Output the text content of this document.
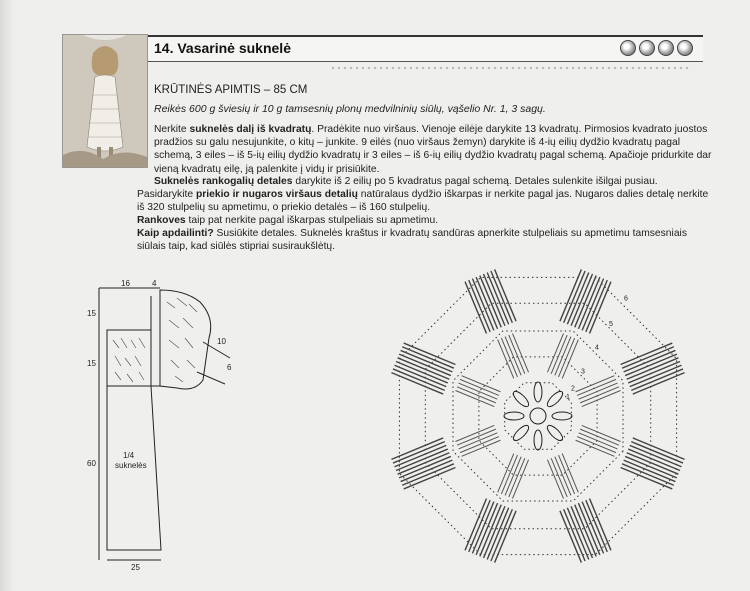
14. Vasarinė suknelė
KRŪTINĖS APIMTIS – 85 CM
Reikės 600 g šviesių ir 10 g tamsesnių plonų medvilninių siūlų, vąšelio Nr. 1, 3 sagų.
Nerkite suknelės dalį iš kvadratų. Pradėkite nuo viršaus. Vienoje eilėje darykite 13 kvadratų. Pirmosios kvadrato juostos pradžios su galu nesujunkite, o kitų – junkite. 9 eilės (nuo viršaus žemyn) darykite iš 4-ių eilių dydžio kvadratų pagal schemą, 3 eiles – iš 5-ių eilių dydžio kvadratų ir 3 eiles – iš 6-ių eilių dydžio kvadratų pagal schemą. Apačioje pridurkite dar vieną kvadratų eilę, ją palenkite į vidų ir prisiūkite.
Suknelės rankogalių detales darykite iš 2 eilių po 5 kvadratus pagal schemą. Detales sulenkite išilgai pusiau.
Pasidarykite priekio ir nugaros viršaus detalių natūralaus dydžio iškarpas ir nerkite pagal jas. Nugaros dalies detalę nerkite iš 320 stulpelių su apmetimu, o priekio detalės – iš 160 stulpelių.
Rankoves taip pat nerkite pagal iškarpas stulpeliais su apmetimu.
Kaip apdailinti? Susiūkite detales. Suknelės kraštus ir kvadratų sandūras apnerkite stulpeliais su apmetimu tamsesniais siūlais taip, kad siūlės stipriai susiraukšlėtų.
16	4
15
15
60
25
10
6
1/4
suknelės
1
2
3
4
5
6
